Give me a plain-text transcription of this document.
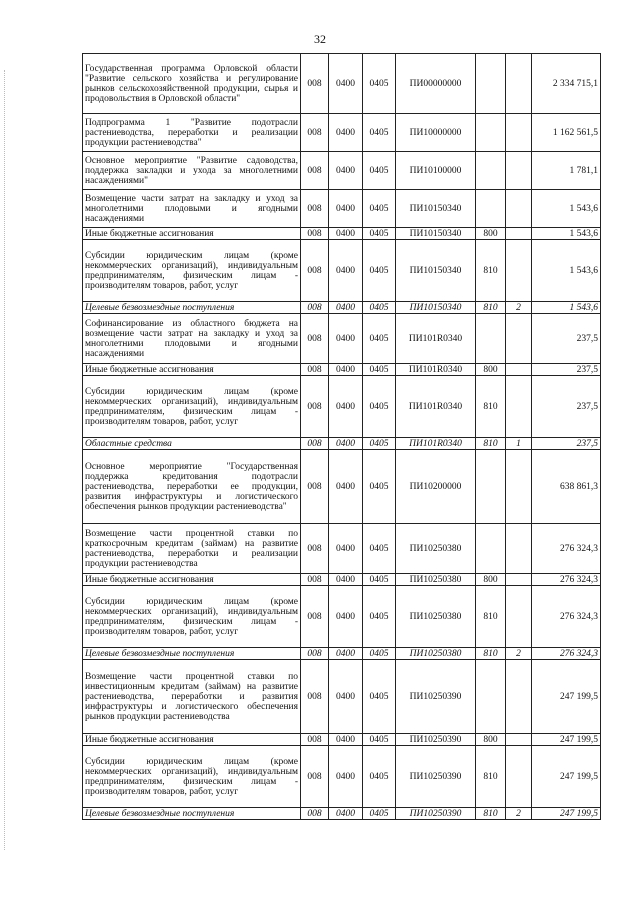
32
Государственная программа Орловской области "Развитие сельского хозяйства и регулирование рынков сельскохозяйственной продукции, сырья и продовольствия в Орловской области"	008	0400	0405	ПИ00000000			2 334 715,1
Подпрограмма 1 "Развитие подотрасли растениеводства, переработки и реализации продукции растениеводства"	008	0400	0405	ПИ10000000			1 162 561,5
Основное мероприятие "Развитие садоводства, поддержка закладки и ухода за многолетними насаждениями"	008	0400	0405	ПИ10100000			1 781,1
Возмещение части затрат на закладку и уход за многолетними плодовыми и ягодными насаждениями	008	0400	0405	ПИ10150340			1 543,6
Иные бюджетные ассигнования	008	0400	0405	ПИ10150340	800		1 543,6
Субсидии юридическим лицам (кроме некоммерческих организаций), индивидуальным предпринимателям, физическим лицам - производителям товаров, работ, услуг	008	0400	0405	ПИ10150340	810		1 543,6
Целевые безвозмездные поступления	008	0400	0405	ПИ10150340	810	2	1 543,6
Софинансирование из областного бюджета на возмещение части затрат на закладку и уход за многолетними плодовыми и ягодными насаждениями	008	0400	0405	ПИ101R0340			237,5
Иные бюджетные ассигнования	008	0400	0405	ПИ101R0340	800		237,5
Субсидии юридическим лицам (кроме некоммерческих организаций), индивидуальным предпринимателям, физическим лицам - производителям товаров, работ, услуг	008	0400	0405	ПИ101R0340	810		237,5
Областные средства	008	0400	0405	ПИ101R0340	810	1	237,5
Основное мероприятие "Государственная поддержка кредитования подотрасли растениеводства, переработки ее продукции, развития инфраструктуры и логистического обеспечения рынков продукции растениеводства"	008	0400	0405	ПИ10200000			638 861,3
Возмещение части процентной ставки по краткосрочным кредитам (займам) на развитие растениеводства, переработки и реализации продукции растениеводства	008	0400	0405	ПИ10250380			276 324,3
Иные бюджетные ассигнования	008	0400	0405	ПИ10250380	800		276 324,3
Субсидии юридическим лицам (кроме некоммерческих организаций), индивидуальным предпринимателям, физическим лицам - производителям товаров, работ, услуг	008	0400	0405	ПИ10250380	810		276 324,3
Целевые безвозмездные поступления	008	0400	0405	ПИ10250380	810	2	276 324,3
Возмещение части процентной ставки по инвестиционным кредитам (займам) на развитие растениеводства, переработки и развития инфраструктуры и логистического обеспечения рынков продукции растениеводства	008	0400	0405	ПИ10250390			247 199,5
Иные бюджетные ассигнования	008	0400	0405	ПИ10250390	800		247 199,5
Субсидии юридическим лицам (кроме некоммерческих организаций), индивидуальным предпринимателям, физическим лицам - производителям товаров, работ, услуг	008	0400	0405	ПИ10250390	810		247 199,5
Целевые безвозмездные поступления	008	0400	0405	ПИ10250390	810	2	247 199,5
